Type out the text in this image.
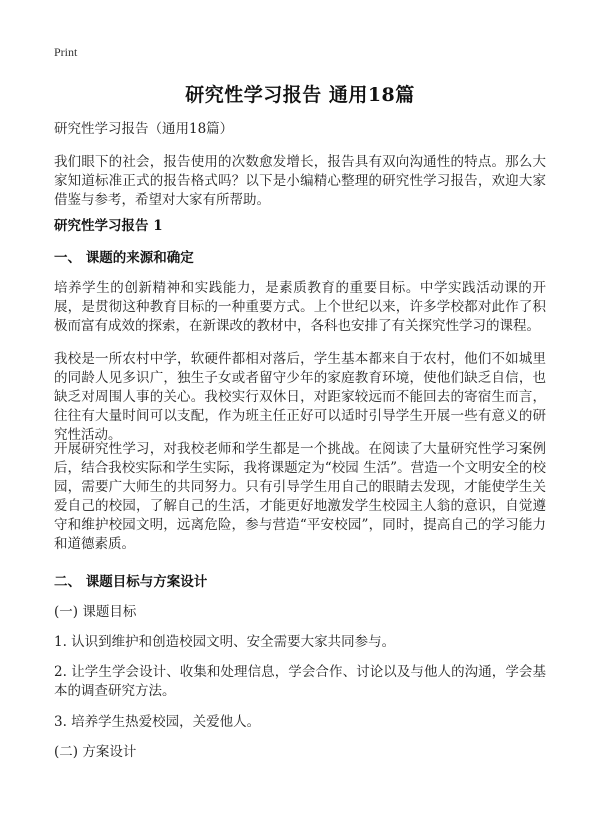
Print
研究性学习报告 通用18篇

研究性学习报告（通用18篇）

我们眼下的社会，报告使用的次数愈发增长，报告具有双向沟通性的特点。那么大家知道标准正式的报告格式吗？以下是小编精心整理的研究性学习报告，欢迎大家借鉴与参考，希望对大家有所帮助。

研究性学习报告 1

一、 课题的来源和确定

培养学生的创新精神和实践能力，是素质教育的重要目标。中学实践活动课的开展，是贯彻这种教育目标的一种重要方式。上个世纪以来，许多学校都对此作了积极而富有成效的探索，在新课改的教材中，各科也安排了有关探究性学习的课程。

我校是一所农村中学，软硬件都相对落后，学生基本都来自于农村，他们不如城里的同龄人见多识广，独生子女或者留守少年的家庭教育环境，使他们缺乏自信，也缺乏对周围人事的关心。我校实行双休日，对距家较远而不能回去的寄宿生而言，往往有大量时间可以支配，作为班主任正好可以适时引导学生开展一些有意义的研究性活动。

开展研究性学习，对我校老师和学生都是一个挑战。在阅读了大量研究性学习案例后，结合我校实际和学生实际，我将课题定为“校园 生活”。营造一个文明安全的校园，需要广大师生的共同努力。只有引导学生用自己的眼睛去发现，才能使学生关爱自己的校园，了解自己的生活，才能更好地激发学生校园主人翁的意识，自觉遵守和维护校园文明，远离危险，参与营造“平安校园”，同时，提高自己的学习能力和道德素质。

二、 课题目标与方案设计

(一) 课题目标

1. 认识到维护和创造校园文明、安全需要大家共同参与。

2. 让学生学会设计、收集和处理信息，学会合作、讨论以及与他人的沟通，学会基本的调查研究方法。

3. 培养学生热爱校园，关爱他人。

(二) 方案设计
